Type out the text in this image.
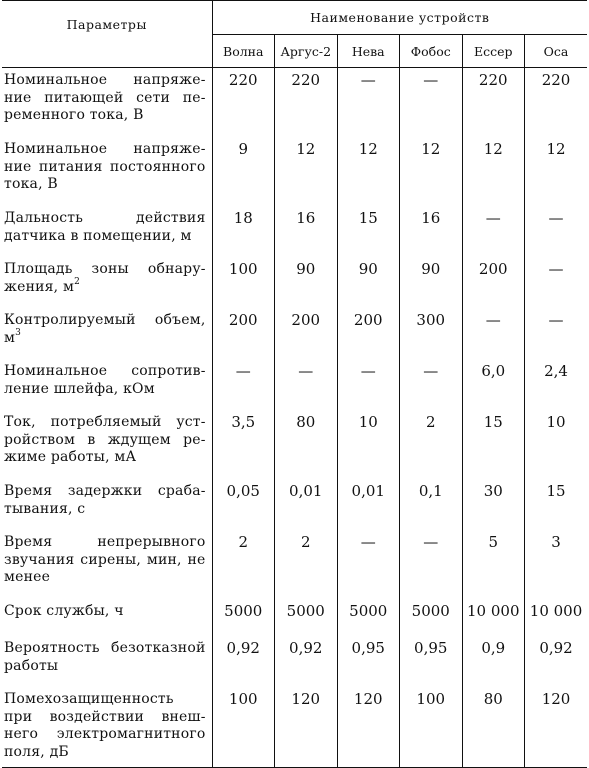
Параметры	Наименование устройств					
	Волна	Аргус-2	Нева	Фобос	Ессер	Оса
Номинальное напряжение питающей сети переменного тока, В	220	220	—	—	220	220
Номинальное напряжение питания постоянного тока, В	9	12	12	12	12	12
Дальность действия датчика в помещении, м	18	16	15	16	—	—
Площадь зоны обнаружения, $м^2$	100	90	90	90	200	—
Контролируемый объем, $м^3$	200	200	200	300	—	—
Номинальное сопротивление шлейфа, кОм	—	—	—	—	6,0	2,4
Ток, потребляемый устройством в ждущем режиме работы, мА	3,5	80	10	2	15	10
Время задержки срабатывания, с	0,05	0,01	0,01	0,1	30	15
Время непрерывного звучания сирены, мин, не менее	2	2	—	—	5	3
Срок службы, ч	5000	5000	5000	5000	10 000	10 000
Вероятность безотказной работы	0,92	0,92	0,95	0,95	0,9	0,92
Помехозащищенность при воздействии внешнего электромагнитного поля, дБ	100	120	120	100	80	120
